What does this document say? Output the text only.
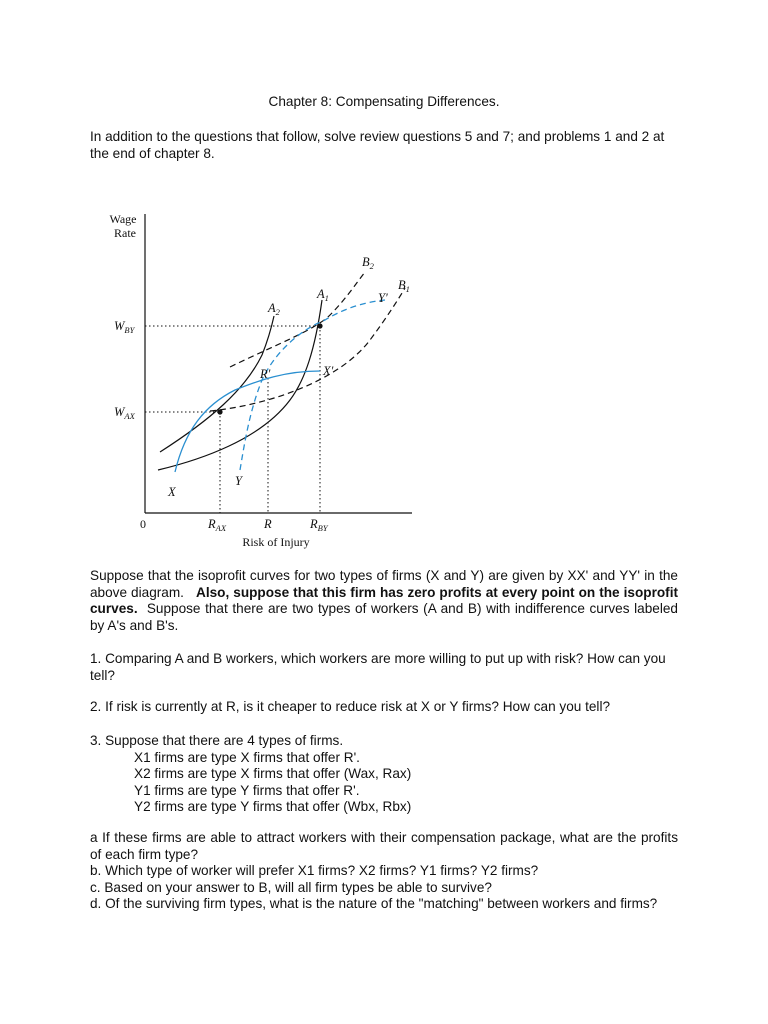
Chapter 8: Compensating Differences.

In addition to the questions that follow, solve review questions 5 and 7; and problems 1 and 2 at the end of chapter 8.

Wage
Rate
Risk of Injury
0
$W_{BY}$
$W_{AX}$
$R_{AX}$	R	$R_{BY}$
$A_1$
$A_2$
$B_1$
$B_2$
Y'
X'
R'
X
Y

Suppose that the isoprofit curves for two types of firms (X and Y) are given by XX' and YY' in the above diagram. Also, suppose that this firm has zero profits at every point on the isoprofit curves. Suppose that there are two types of workers (A and B) with indifference curves labeled by A's and B's.

1. Comparing A and B workers, which workers are more willing to put up with risk? How can you tell?

2. If risk is currently at R, is it cheaper to reduce risk at X or Y firms? How can you tell?

3. Suppose that there are 4 types of firms.
X1 firms are type X firms that offer R'.
X2 firms are type X firms that offer (Wax, Rax)
Y1 firms are type Y firms that offer R'.
Y2 firms are type Y firms that offer (Wbx, Rbx)
a If these firms are able to attract workers with their compensation package, what are the profits of each firm type?
b. Which type of worker will prefer X1 firms? X2 firms? Y1 firms? Y2 firms?
c. Based on your answer to B, will all firm types be able to survive?
d. Of the surviving firm types, what is the nature of the "matching" between workers and firms?
